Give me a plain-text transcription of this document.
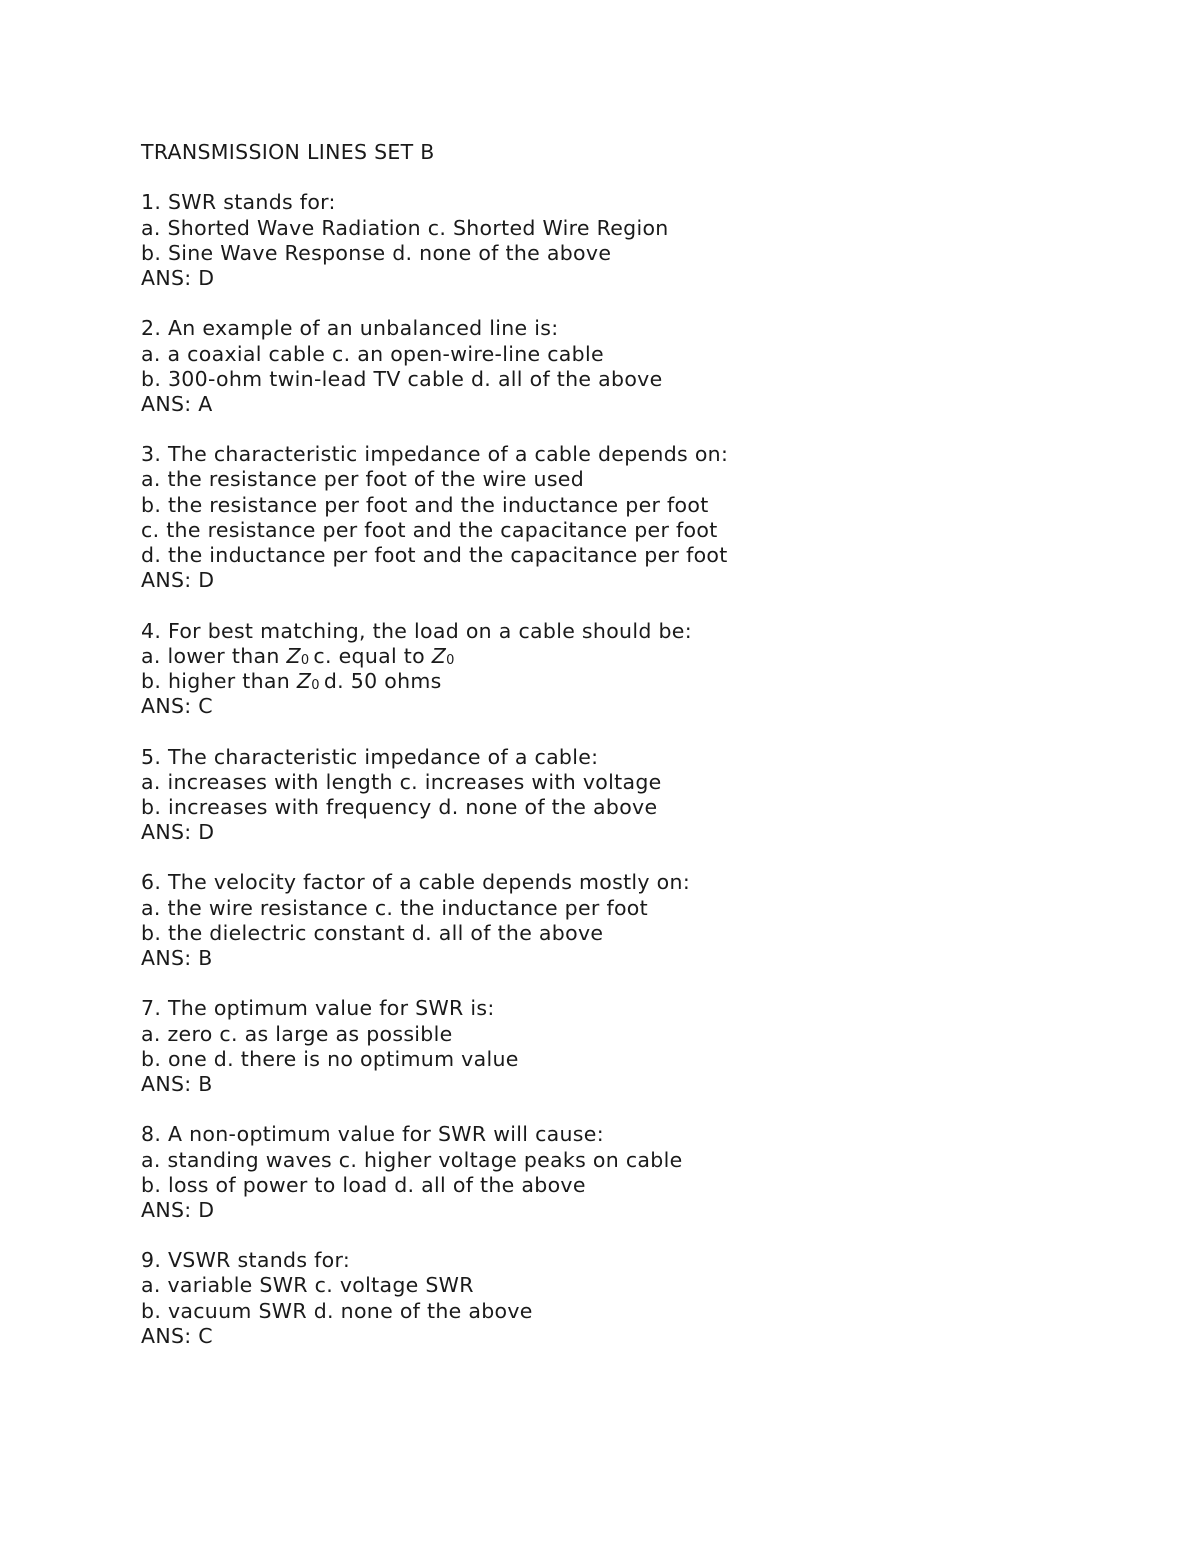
TRANSMISSION LINES SET B
1. SWR stands for:
a. Shorted Wave Radiation c. Shorted Wire Region
b. Sine Wave Response d. none of the above
ANS: D
2. An example of an unbalanced line is:
a. a coaxial cable c. an open-wire-line cable
b. 300-ohm twin-lead TV cable d. all of the above
ANS: A
3. The characteristic impedance of a cable depends on:
a. the resistance per foot of the wire used
b. the resistance per foot and the inductance per foot
c. the resistance per foot and the capacitance per foot
d. the inductance per foot and the capacitance per foot
ANS: D
4. For best matching, the load on a cable should be:
a. lower than Z0 c. equal to Z0
b. higher than Z0 d. 50 ohms
ANS: C
5. The characteristic impedance of a cable:
a. increases with length c. increases with voltage
b. increases with frequency d. none of the above
ANS: D
6. The velocity factor of a cable depends mostly on:
a. the wire resistance c. the inductance per foot
b. the dielectric constant d. all of the above
ANS: B
7. The optimum value for SWR is:
a. zero c. as large as possible
b. one d. there is no optimum value
ANS: B
8. A non-optimum value for SWR will cause:
a. standing waves c. higher voltage peaks on cable
b. loss of power to load d. all of the above
ANS: D
9. VSWR stands for:
a. variable SWR c. voltage SWR
b. vacuum SWR d. none of the above
ANS: C
